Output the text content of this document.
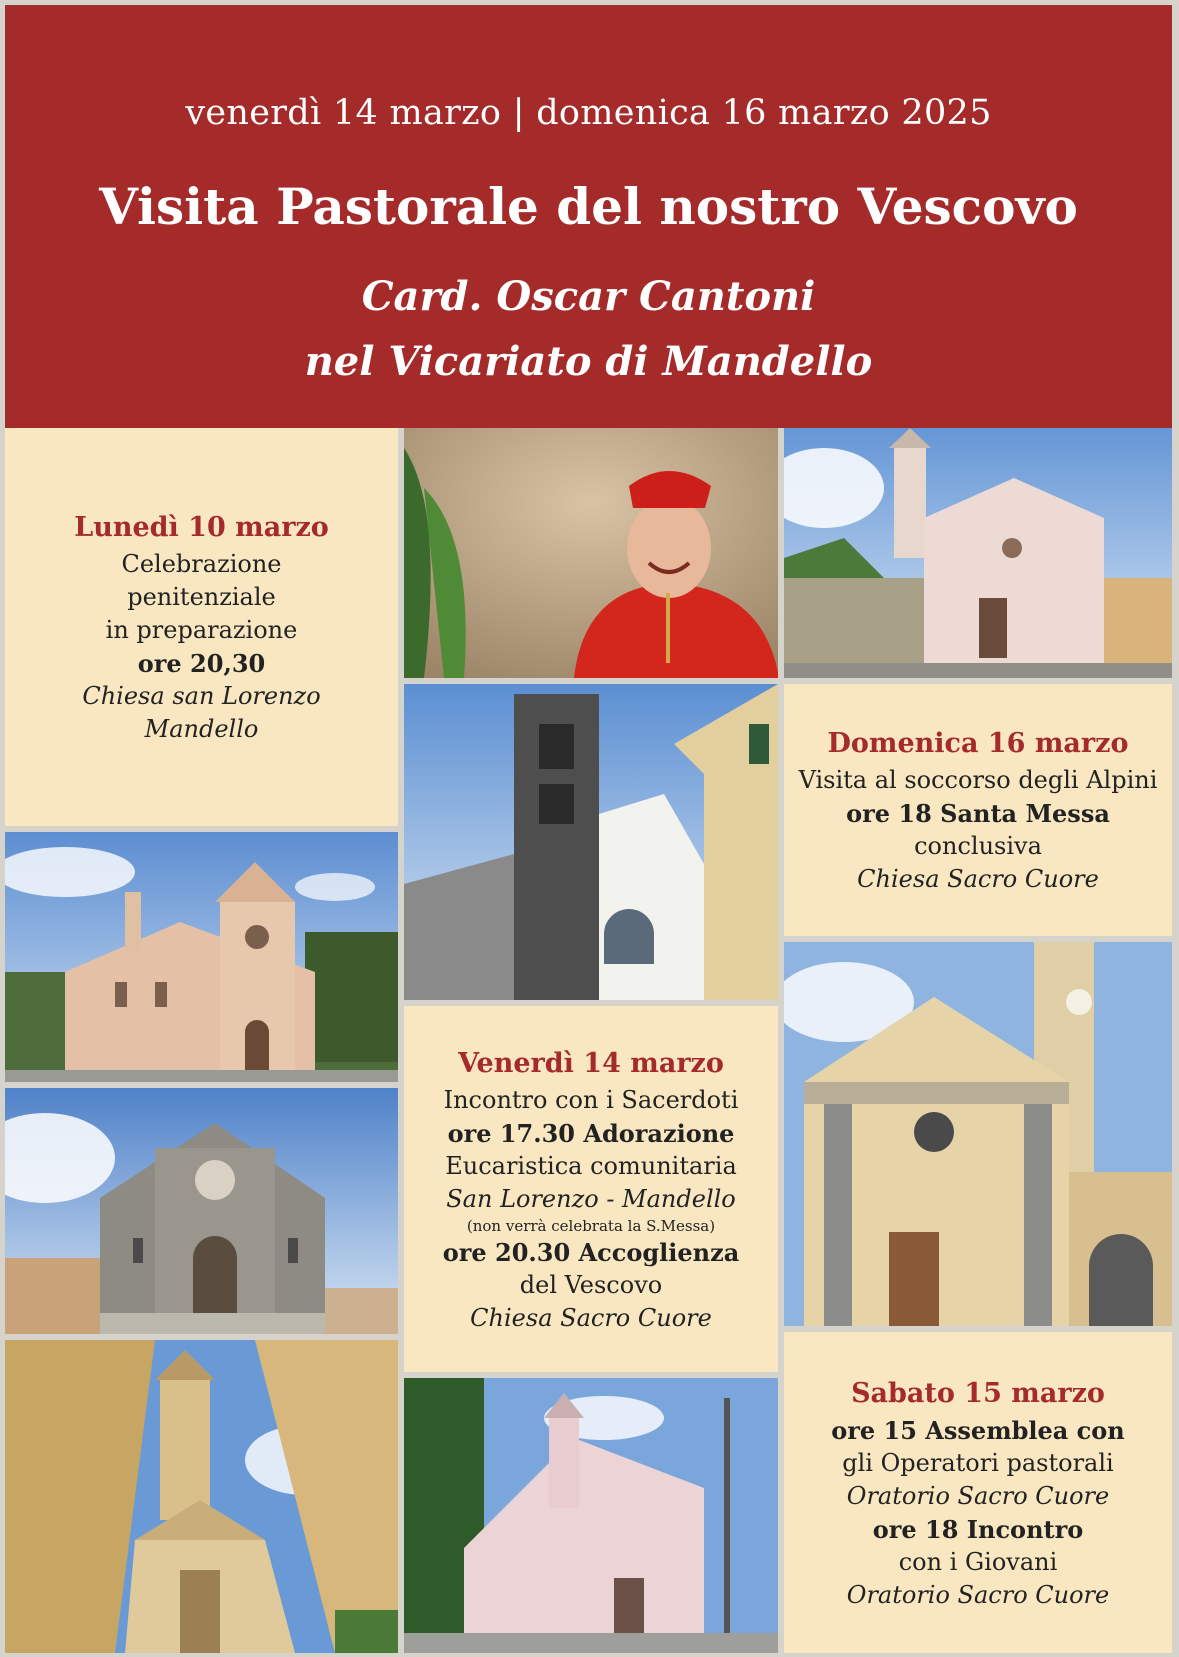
venerdì 14 marzo | domenica 16 marzo 2025
Visita Pastorale del nostro Vescovo
Card. Oscar Cantoni
nel Vicariato di Mandello
Lunedì 10 marzo
Celebrazione
penitenziale
in preparazione
ore 20,30
Chiesa san Lorenzo
Mandello
Venerdì 14 marzo
Incontro con i Sacerdoti
ore 17.30 Adorazione
Eucaristica comunitaria
San Lorenzo - Mandello
(non verrà celebrata la S.Messa)
ore 20.30 Accoglienza
del Vescovo
Chiesa Sacro Cuore
Domenica 16 marzo
Visita al soccorso degli Alpini
ore 18 Santa Messa
conclusiva
Chiesa Sacro Cuore
Sabato 15 marzo
ore 15 Assemblea con
gli Operatori pastorali
Oratorio Sacro Cuore
ore 18 Incontro
con i Giovani
Oratorio Sacro Cuore
